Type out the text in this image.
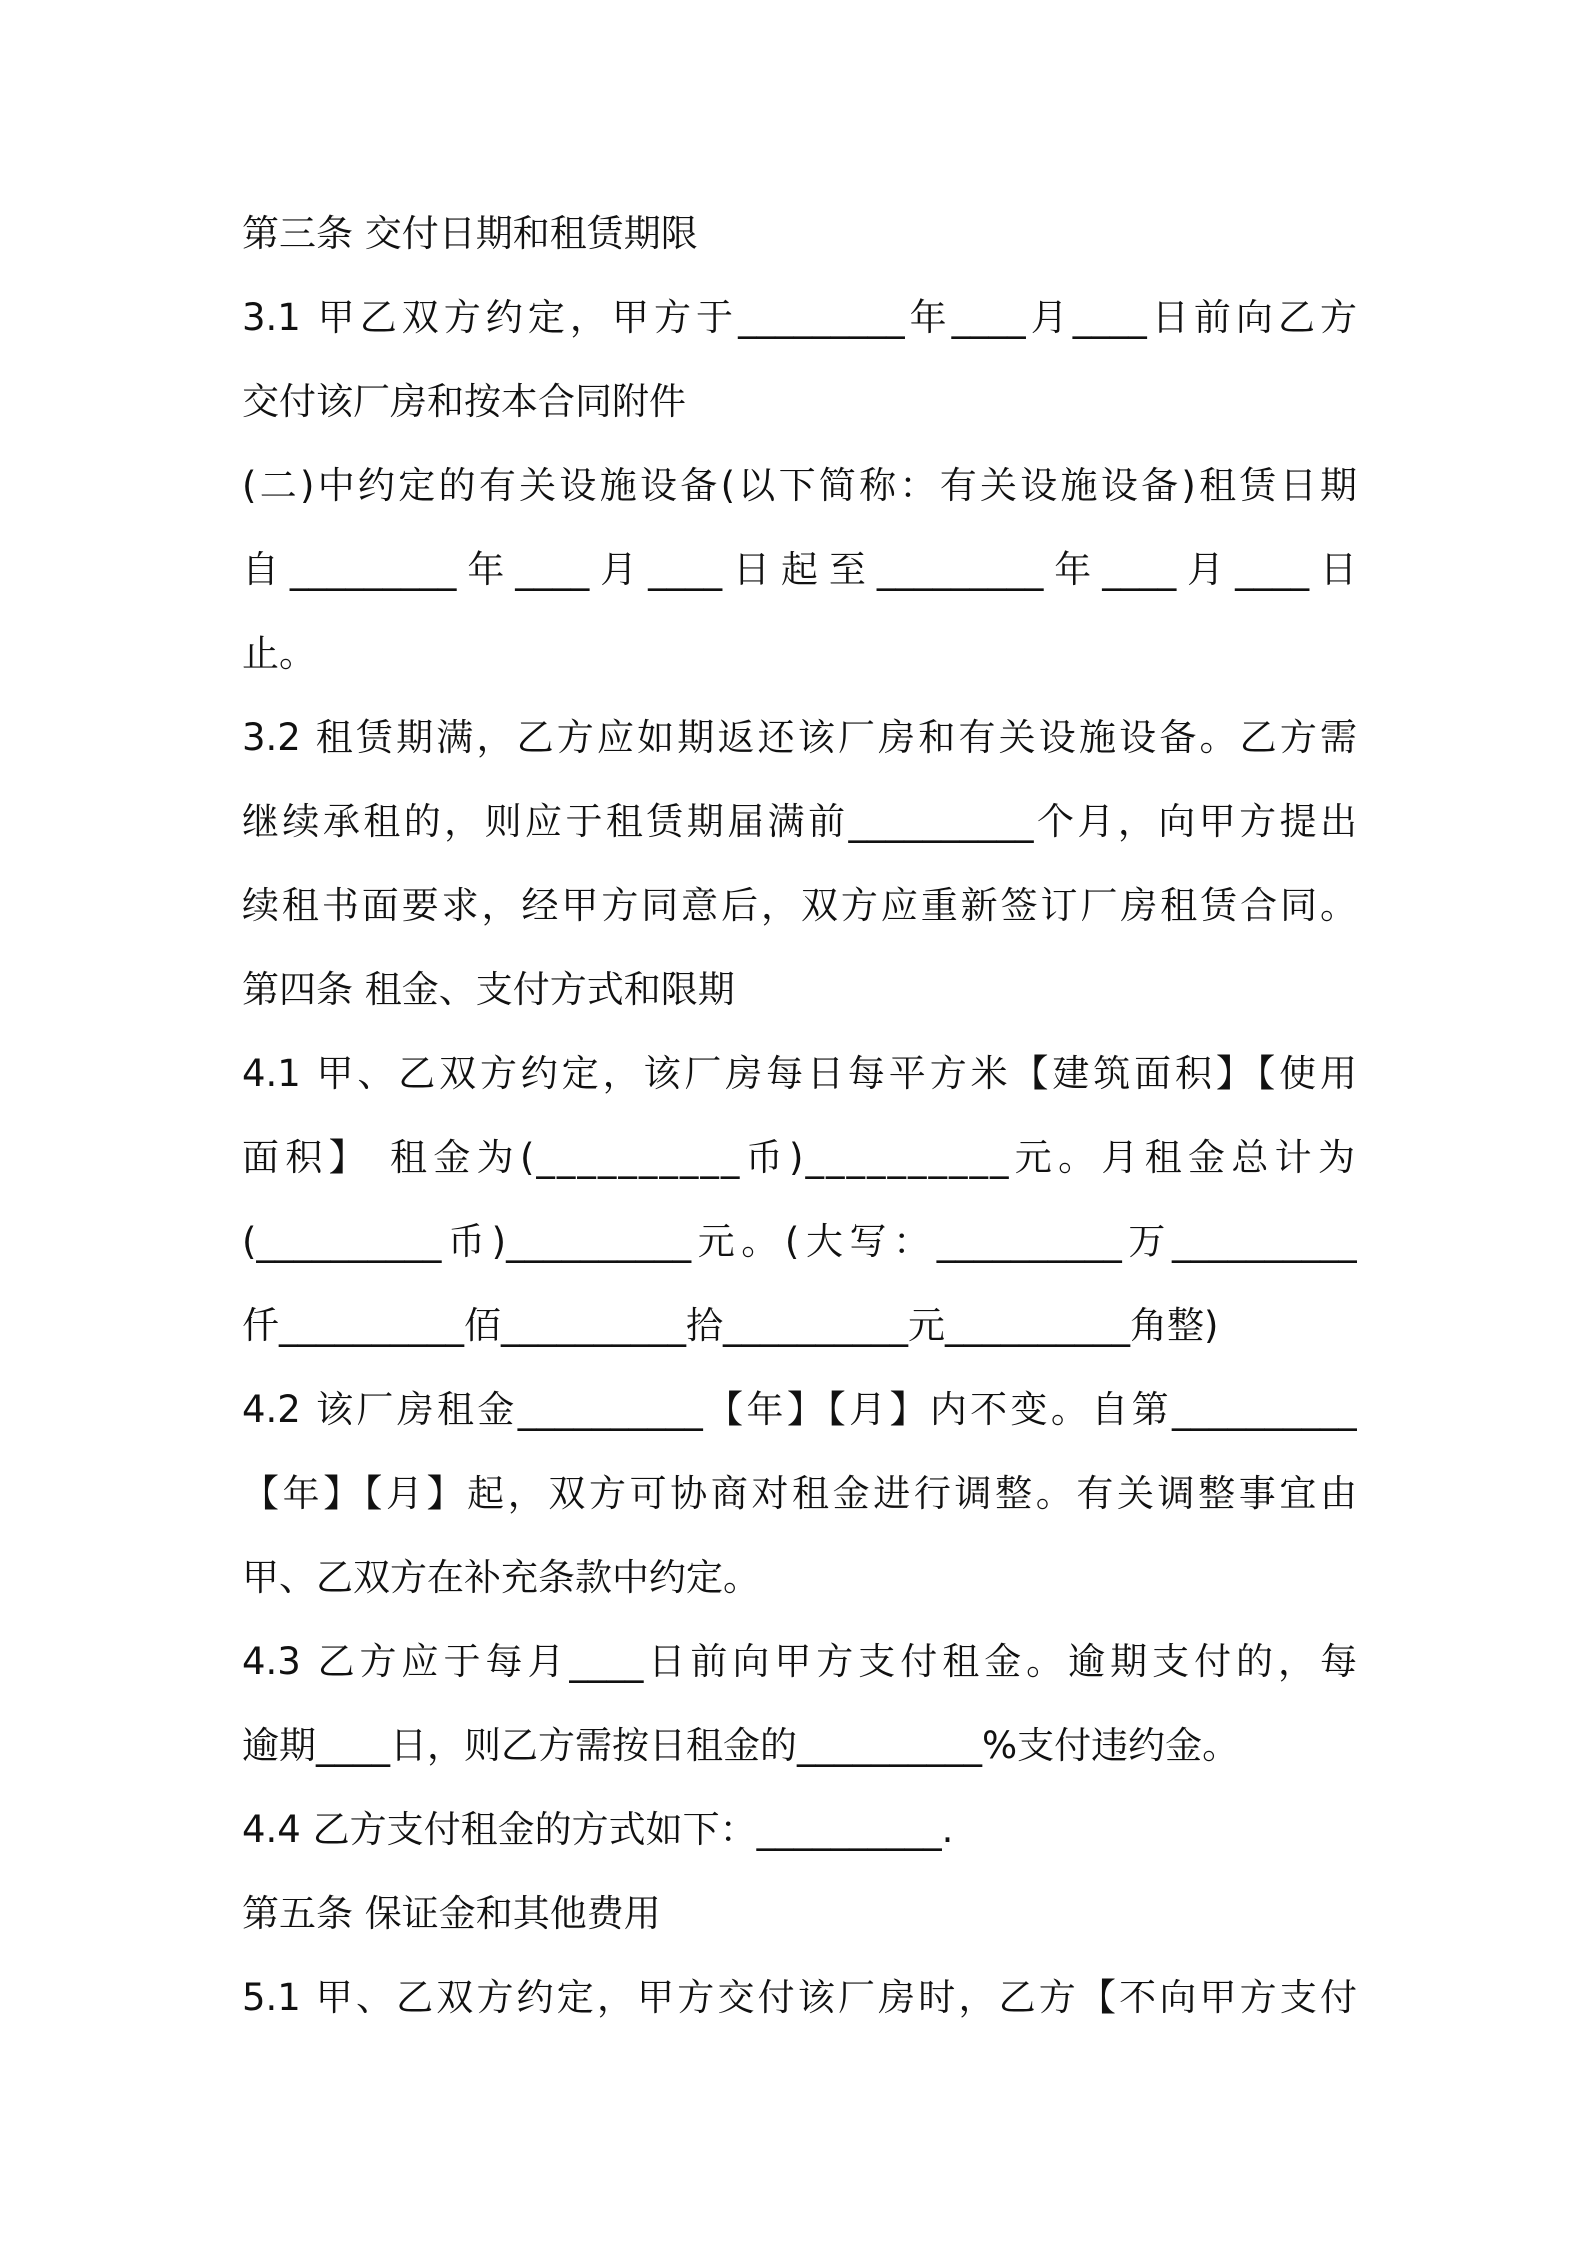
第三条 交付日期和租赁期限
3.1 甲乙双方约定，甲方于_________年____月____日前向乙方
交付该厂房和按本合同附件
(二)中约定的有关设施设备(以下简称：有关设施设备)租赁日期
自_________年____月____日起至_________年____月____日
止。
3.2 租赁期满，乙方应如期返还该厂房和有关设施设备。乙方需
继续承租的，则应于租赁期届满前__________个月，向甲方提出
续租书面要求，经甲方同意后，双方应重新签订厂房租赁合同。
第四条 租金、支付方式和限期
4.1 甲、乙双方约定，该厂房每日每平方米【建筑面积】【使用
面积】 租金为(__________币)__________元。月租金总计为
(__________币)__________元。(大写：__________万__________
仟__________佰__________拾__________元__________角整)
4.2 该厂房租金__________【年】【月】内不变。自第__________
【年】【月】起，双方可协商对租金进行调整。有关调整事宜由
甲、乙双方在补充条款中约定。
4.3 乙方应于每月____日前向甲方支付租金。逾期支付的，每
逾期____日，则乙方需按日租金的__________%支付违约金。
4.4 乙方支付租金的方式如下：__________.
第五条 保证金和其他费用
5.1 甲、乙双方约定，甲方交付该厂房时，乙方【不向甲方支付
